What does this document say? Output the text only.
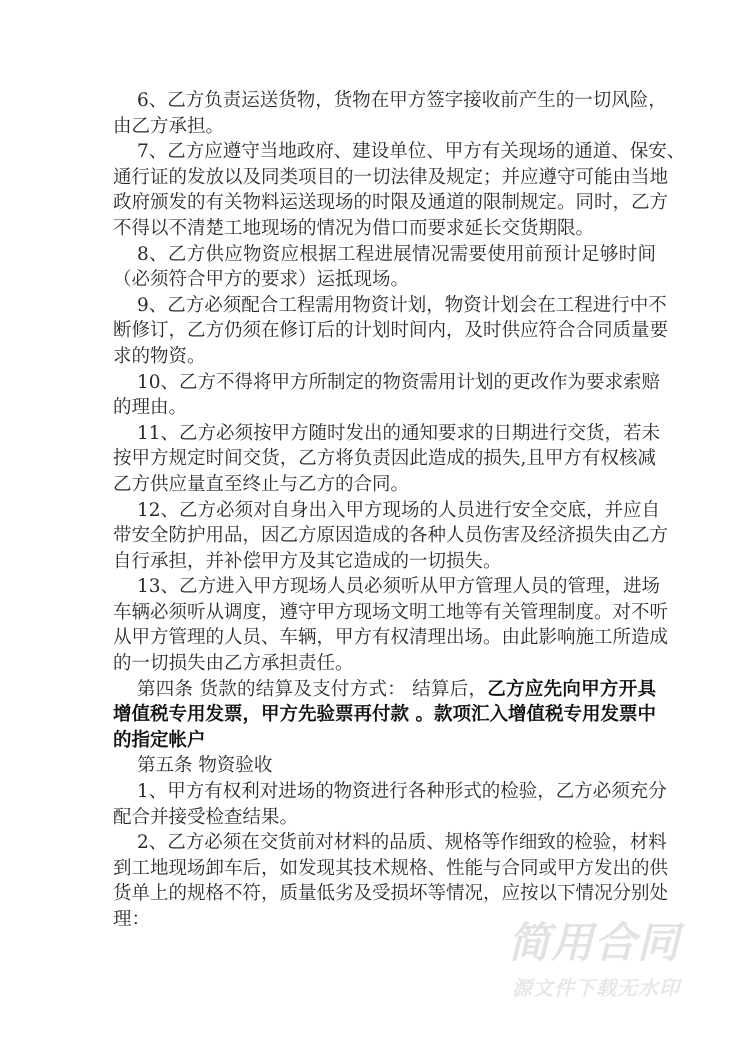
6、乙方负责运送货物，货物在甲方签字接收前产生的一切风险，
由乙方承担。
7、乙方应遵守当地政府、建设单位、甲方有关现场的通道、保安、
通行证的发放以及同类项目的一切法律及规定；并应遵守可能由当地
政府颁发的有关物料运送现场的时限及通道的限制规定。同时，乙方
不得以不清楚工地现场的情况为借口而要求延长交货期限。
8、乙方供应物资应根据工程进展情况需要使用前预计足够时间
（必须符合甲方的要求）运抵现场。
9、乙方必须配合工程需用物资计划，物资计划会在工程进行中不
断修订，乙方仍须在修订后的计划时间内，及时供应符合合同质量要
求的物资。
10、乙方不得将甲方所制定的物资需用计划的更改作为要求索赔
的理由。
11、乙方必须按甲方随时发出的通知要求的日期进行交货，若未
按甲方规定时间交货，乙方将负责因此造成的损失,且甲方有权核减
乙方供应量直至终止与乙方的合同。
12、乙方必须对自身出入甲方现场的人员进行安全交底，并应自
带安全防护用品，因乙方原因造成的各种人员伤害及经济损失由乙方
自行承担，并补偿甲方及其它造成的一切损失。
13、乙方进入甲方现场人员必须听从甲方管理人员的管理，进场
车辆必须听从调度，遵守甲方现场文明工地等有关管理制度。对不听
从甲方管理的人员、车辆，甲方有权清理出场。由此影响施工所造成
的一切损失由乙方承担责任。
第四条 货款的结算及支付方式： 结算后，乙方应先向甲方开具
增值税专用发票，甲方先验票再付款 。款项汇入增值税专用发票中
的指定帐户
第五条 物资验收
1、甲方有权利对进场的物资进行各种形式的检验，乙方必须充分
配合并接受检查结果。
2、乙方必须在交货前对材料的品质、规格等作细致的检验，材料
到工地现场卸车后，如发现其技术规格、性能与合同或甲方发出的供
货单上的规格不符，质量低劣及受损坏等情况，应按以下情况分别处
理：	简用合同
源文件下载无水印
